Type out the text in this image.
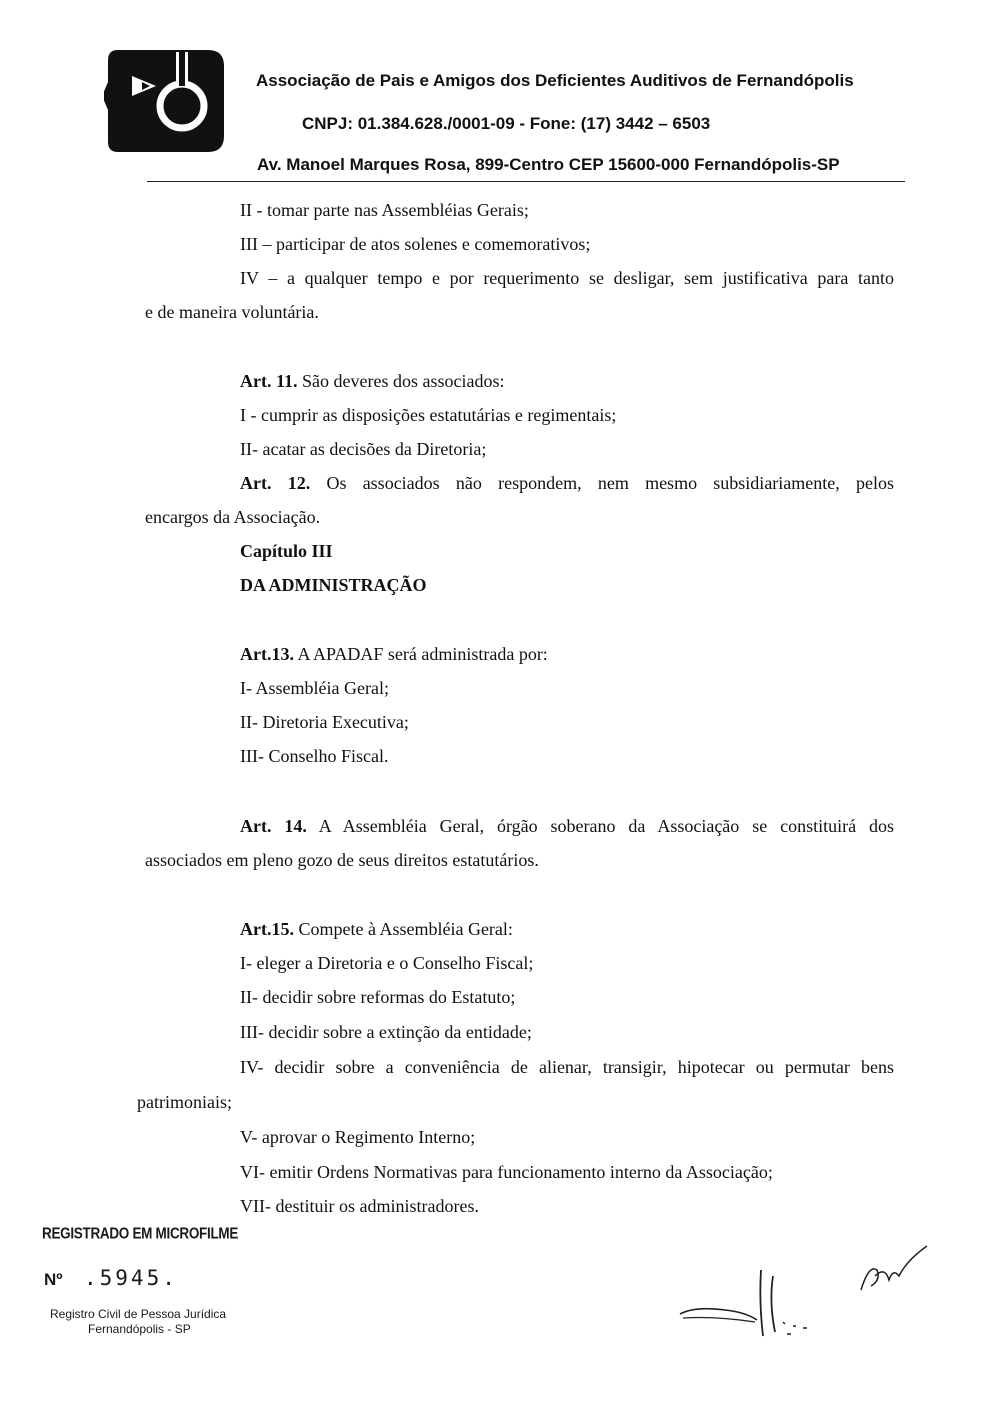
APADAF
Associação de Pais e Amigos dos Deficientes Auditivos de Fernandópolis
CNPJ: 01.384.628./0001-09 - Fone: (17) 3442 – 6503
Av. Manoel Marques Rosa, 899-Centro CEP 15600-000 Fernandópolis-SP
II - tomar parte nas Assembléias Gerais;
III – participar de atos solenes e comemorativos;
IV – a qualquer tempo e por requerimento se desligar, sem justificativa para tanto
e de maneira voluntária.
Art. 11. São deveres dos associados:
I - cumprir as disposições estatutárias e regimentais;
II- acatar as decisões da Diretoria;
Art. 12. Os associados não respondem, nem mesmo subsidiariamente, pelos
encargos da Associação.
Capítulo III
DA ADMINISTRAÇÃO
Art.13. A APADAF será administrada por:
I- Assembléia Geral;
II- Diretoria Executiva;
III- Conselho Fiscal.
Art. 14. A Assembléia Geral, órgão soberano da Associação se constituirá dos
associados em pleno gozo de seus direitos estatutários.
Art.15. Compete à Assembléia Geral:
I- eleger a Diretoria e o Conselho Fiscal;
II- decidir sobre reformas do Estatuto;
III- decidir sobre a extinção da entidade;
IV- decidir sobre a conveniência de alienar, transigir, hipotecar ou permutar bens
patrimoniais;
V- aprovar o Regimento Interno;
VI- emitir Ordens Normativas para funcionamento interno da Associação;
VII- destituir os administradores.
REGISTRADO EM MICROFILME
Nº .5945.
Registro Civil de Pessoa Jurídica
Fernandópolis - SP
